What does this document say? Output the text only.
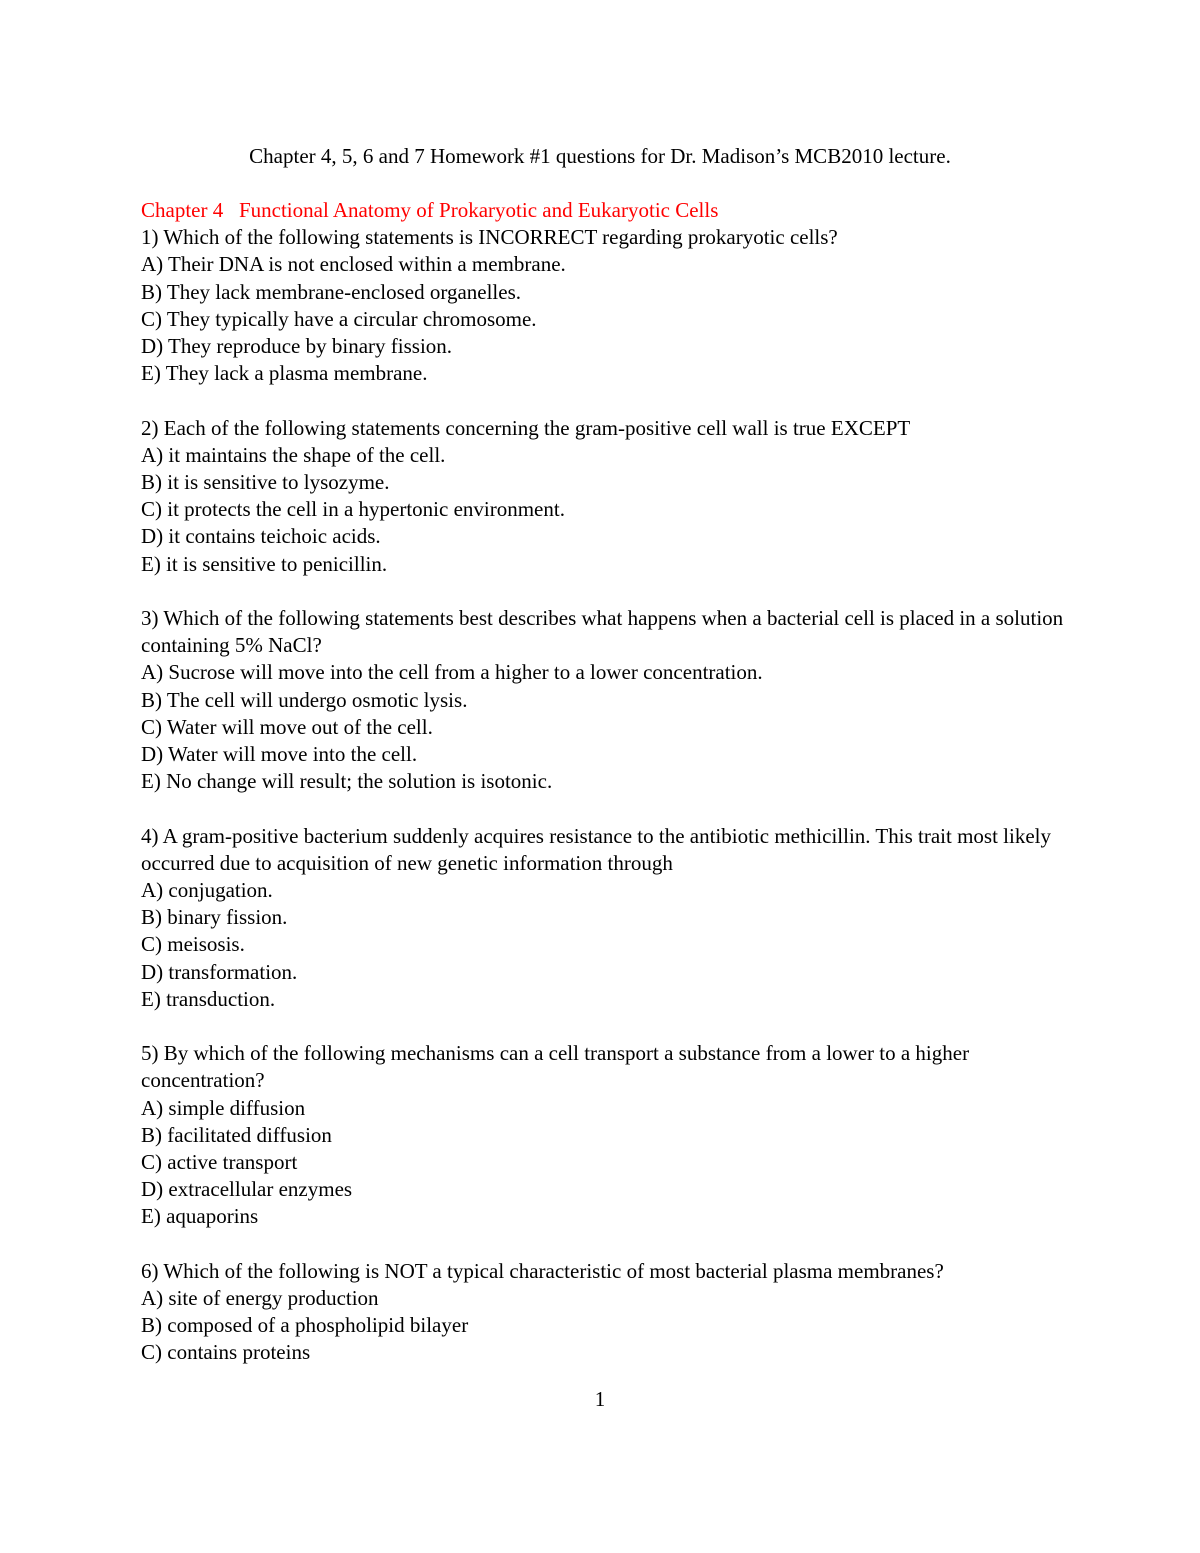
Chapter 4, 5, 6 and 7 Homework #1 questions for Dr. Madison’s MCB2010 lecture.
Chapter 4   Functional Anatomy of Prokaryotic and Eukaryotic Cells

1) Which of the following statements is INCORRECT regarding prokaryotic cells?

A) Their DNA is not enclosed within a membrane.
B) They lack membrane-enclosed organelles.
C) They typically have a circular chromosome.
D) They reproduce by binary fission.
E) They lack a plasma membrane.

2) Each of the following statements concerning the gram-positive cell wall is true EXCEPT

A) it maintains the shape of the cell.
B) it is sensitive to lysozyme.
C) it protects the cell in a hypertonic environment.
D) it contains teichoic acids.
E) it is sensitive to penicillin.

3) Which of the following statements best describes what happens when a bacterial cell is placed in a solution containing 5% NaCl?

A) Sucrose will move into the cell from a higher to a lower concentration.
B) The cell will undergo osmotic lysis.
C) Water will move out of the cell.
D) Water will move into the cell.
E) No change will result; the solution is isotonic.

4) A gram-positive bacterium suddenly acquires resistance to the antibiotic methicillin. This trait most likely occurred due to acquisition of new genetic information through

A) conjugation.
B) binary fission.
C) meisosis.
D) transformation.
E) transduction.

5) By which of the following mechanisms can a cell transport a substance from a lower to a higher concentration?

A) simple diffusion
B) facilitated diffusion
C) active transport
D) extracellular enzymes
E) aquaporins

6) Which of the following is NOT a typical characteristic of most bacterial plasma membranes?

A) site of energy production
B) composed of a phospholipid bilayer
C) contains proteins
1
